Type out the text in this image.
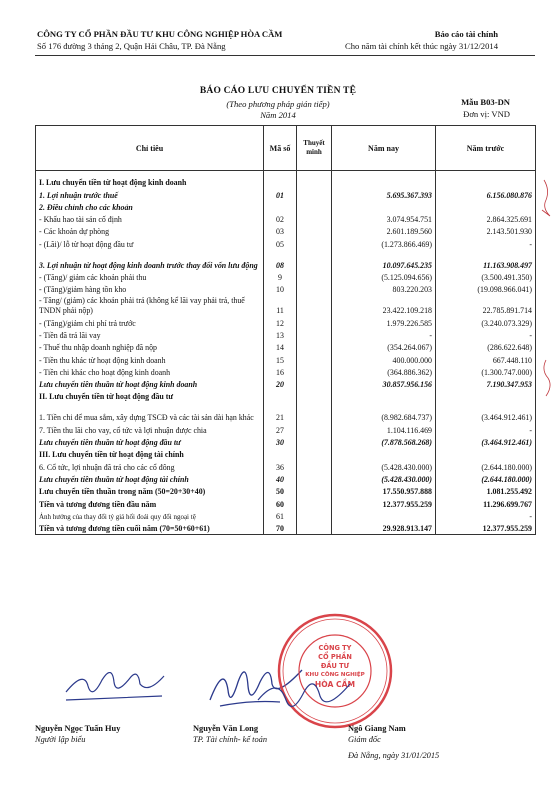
CÔNG TY CỔ PHẦN ĐẦU TƯ KHU CÔNG NGHIỆP HÒA CẦM
Số 176 đường 3 tháng 2, Quận Hải Châu, TP. Đà Nẵng
Báo cáo tài chính
Cho năm tài chính kết thúc ngày 31/12/2014
BÁO CÁO LƯU CHUYỂN TIỀN TỆ
(Theo phương pháp gián tiếp)
Năm 2014
Mẫu B03-DN
Đơn vị: VND
Chỉ tiêu	Mã số	Thuyết minh	Năm nay	Năm trước
I. Lưu chuyển tiền từ hoạt động kinh doanh				
1. Lợi nhuận trước thuế	01		5.695.367.393	6.156.080.876
2. Điều chỉnh cho các khoản				
- Khấu hao tài sản cố định	02		3.074.954.751	2.864.325.691
- Các khoản dự phòng	03		2.601.189.560	2.143.501.930
- (Lãi)/ lỗ từ hoạt động đầu tư	05		(1.273.866.469)	-
3. Lợi nhuận từ hoạt động kinh doanh trước thay đổi vốn lưu động	08		10.097.645.235	11.163.908.497
- (Tăng)/ giảm các khoản phải thu	9		(5.125.094.656)	(3.500.491.350)
- (Tăng)/giảm hàng tồn kho	10		803.220.203	(19.098.966.041)
- Tăng/ (giảm) các khoản phải trả (không kể lãi vay phải trả, thuế TNDN phải nộp)	11		23.422.109.218	22.785.891.714
- (Tăng)/giảm chi phí trả trước	12		1.979.226.585	(3.240.073.329)
- Tiền đã trả lãi vay	13		-	-
- Thuế thu nhập doanh nghiệp đã nộp	14		(354.264.067)	(286.622.648)
- Tiền thu khác từ hoạt động kinh doanh	15		400.000.000	667.448.110
- Tiền chi khác cho hoạt động kinh doanh	16		(364.886.362)	(1.300.747.000)
Lưu chuyển tiền thuần từ hoạt động kinh doanh	20		30.857.956.156	7.190.347.953
II. Lưu chuyển tiền từ hoạt động đầu tư				
1. Tiền chi để mua sắm, xây dựng TSCĐ và các tài sản dài hạn khác	21		(8.982.684.737)	(3.464.912.461)
7. Tiền thu lãi cho vay, cổ tức và lợi nhuận được chia	27		1.104.116.469	-
Lưu chuyển tiền thuần từ hoạt động đầu tư	30		(7.878.568.268)	(3.464.912.461)
III. Lưu chuyển tiền từ hoạt động tài chính				
6. Cổ tức, lợi nhuận đã trả cho các cổ đông	36		(5.428.430.000)	(2.644.180.000)
Lưu chuyển tiền thuần từ hoạt động tài chính	40		(5.428.430.000)	(2.644.180.000)
Lưu chuyển tiền thuần trong năm (50=20+30+40)	50		17.550.957.888	1.081.255.492
Tiền và tương đương tiền đầu năm	60		12.377.955.259	11.296.699.767
Ảnh hưởng của thay đổi tỷ giá hối đoái quy đổi ngoại tệ	61			-
Tiền và tương đương tiền cuối năm (70=50+60+61)	70		29.928.913.147	12.377.955.259
CÔNG TY
CỔ PHẦN
ĐẦU TƯ
KHU CÔNG NGHIỆP
HÒA CẦM
Nguyễn Ngọc Tuấn Huy
Người lập biểu
Nguyễn Văn Long
TP. Tài chính- kế toán
Ngô Giang Nam
Giám đốc
Đà Nẵng, ngày 31/01/2015
